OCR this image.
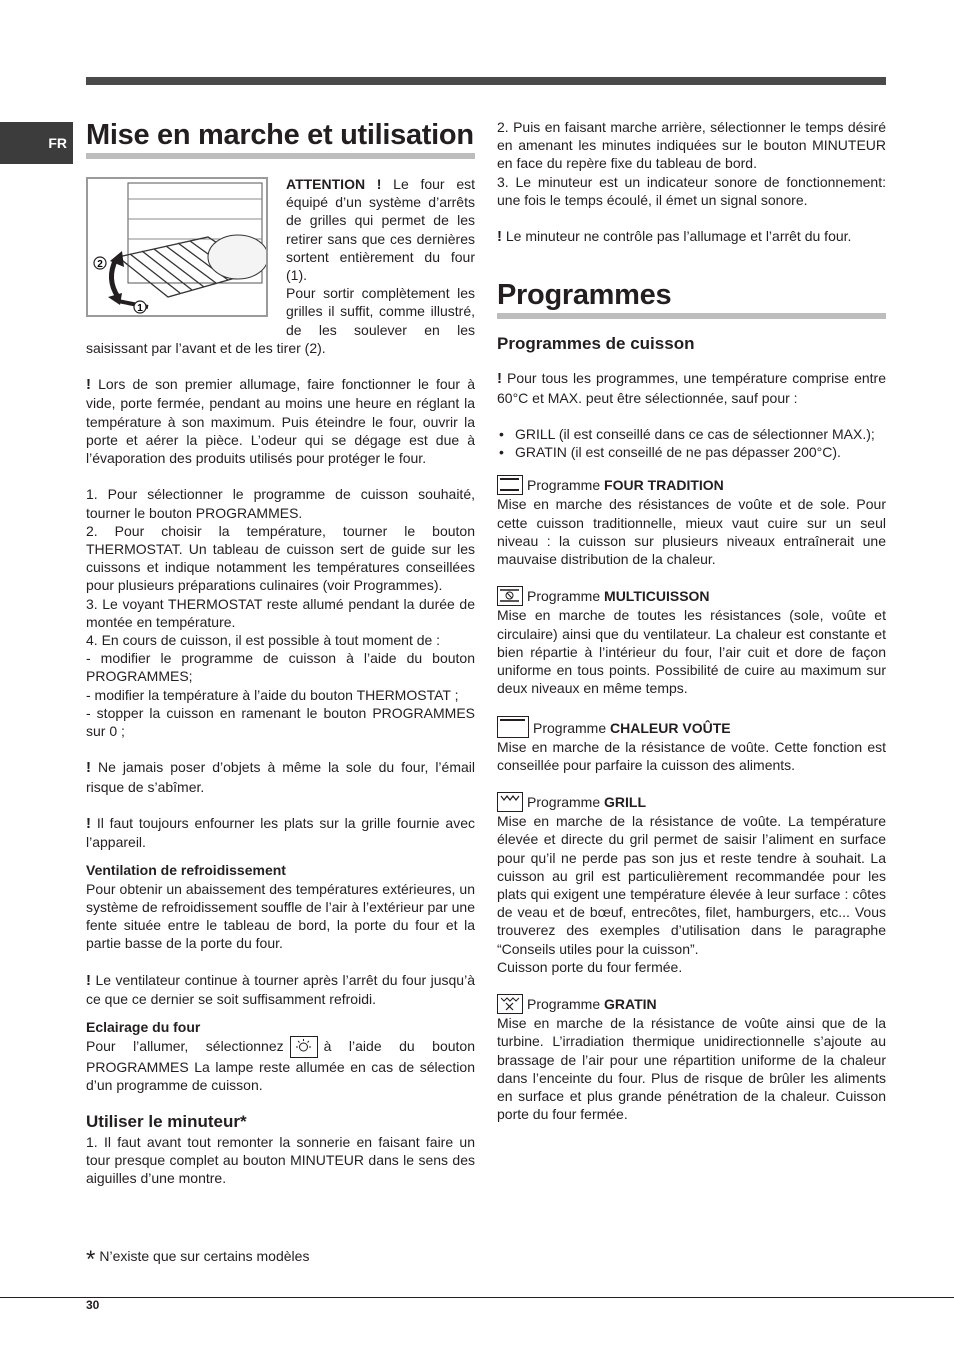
FR Mise en marche et utilisation
2
1

ATTENTION ! Le four est équipé d’un système d’arrêts de grilles qui permet de les retirer sans que ces dernières sortent entièrement du four (1).

Pour sortir complètement les grilles il suffit, comme illustré, de les soulever en les saisissant par l’avant et de les tirer (2).

! Lors de son premier allumage, faire fonctionner le four à vide, porte fermée, pendant au moins une heure en réglant la température à son maximum. Puis éteindre le four, ouvrir la porte et aérer la pièce. L’odeur qui se dégage est due à l’évaporation des produits utilisés pour protéger le four.

1. Pour sélectionner le programme de cuisson souhaité, tourner le bouton PROGRAMMES.

2. Pour choisir la température, tourner le bouton THERMOSTAT. Un tableau de cuisson sert de guide sur les cuissons et indique notamment les températures conseillées pour plusieurs préparations culinaires (voir Programmes).

3. Le voyant THERMOSTAT reste allumé pendant la durée de montée en température.

4. En cours de cuisson, il est possible à tout moment de :

- modifier le programme de cuisson à l’aide du bouton PROGRAMMES;

- modifier la température à l’aide du bouton THERMOSTAT ;

- stopper la cuisson en ramenant le bouton PROGRAMMES sur 0 ;

! Ne jamais poser d’objets à même la sole du four, l’émail risque de s’abîmer.

! Il faut toujours enfourner les plats sur la grille fournie avec l’appareil.

Ventilation de refroidissement

Pour obtenir un abaissement des températures extérieures, un système de refroidissement souffle de l’air à l’extérieur par une fente située entre le tableau de bord, la porte du four et la partie basse de la porte du four.

! Le ventilateur continue à tourner après l’arrêt du four jusqu’à ce que ce dernier se soit suffisamment refroidi.

Eclairage du four

Pour l’allumer, sélectionnez	à l’aide du bouton PROGRAMMES La lampe reste allumée en cas de sélection d’un programme de cuisson.

Utiliser le minuteur*

1. Il faut avant tout remonter la sonnerie en faisant faire un tour presque complet au bouton MINUTEUR dans le sens des aiguilles d’une montre.

2. Puis en faisant marche arrière, sélectionner le temps désiré en amenant les minutes indiquées sur le bouton MINUTEUR en face du repère fixe du tableau de bord.

3. Le minuteur est un indicateur sonore de fonctionnement: une fois le temps écoulé, il émet un signal sonore.

! Le minuteur ne contrôle pas l’allumage et l’arrêt du four.

Programmes
Programmes de cuisson

! Pour tous les programmes, une température comprise entre 60°C et MAX. peut être sélectionnée, sauf pour :

• GRILL (il est conseillé dans ce cas de sélectionner MAX.);
• GRATIN (il est conseillé de ne pas dépasser 200°C).

Programme FOUR TRADITION

Mise en marche des résistances de voûte et de sole. Pour cette cuisson traditionnelle, mieux vaut cuire sur un seul niveau : la cuisson sur plusieurs niveaux entraînerait une mauvaise distribution de la chaleur.

Programme MULTICUISSON

Mise en marche de toutes les résistances (sole, voûte et circulaire) ainsi que du ventilateur. La chaleur est constante et bien répartie à l’intérieur du four, l’air cuit et dore de façon uniforme en tous points. Possibilité de cuire au maximum sur deux niveaux en même temps.

Programme CHALEUR VOÛTE

Mise en marche de la résistance de voûte. Cette fonction est conseillée pour parfaire la cuisson des aliments.

Programme GRILL

Mise en marche de la résistance de voûte. La température élevée et directe du gril permet de saisir l’aliment en surface pour qu’il ne perde pas son jus et reste tendre à souhait. La cuisson au gril est particulièrement recommandée pour les plats qui exigent une température élevée à leur surface : côtes de veau et de bœuf, entrecôtes, filet, hamburgers, etc... Vous trouverez des exemples d’utilisation dans le paragraphe “Conseils utiles pour la cuisson”.

Cuisson porte du four fermée.

Programme GRATIN

Mise en marche de la résistance de voûte ainsi que de la turbine. L’irradiation thermique unidirectionnelle s’ajoute au brassage de l’air pour une répartition uniforme de la chaleur dans l’enceinte du four. Plus de risque de brûler les aliments en surface et plus grande pénétration de la chaleur. Cuisson porte du four fermée.

* N’existe que sur certains modèles
30
